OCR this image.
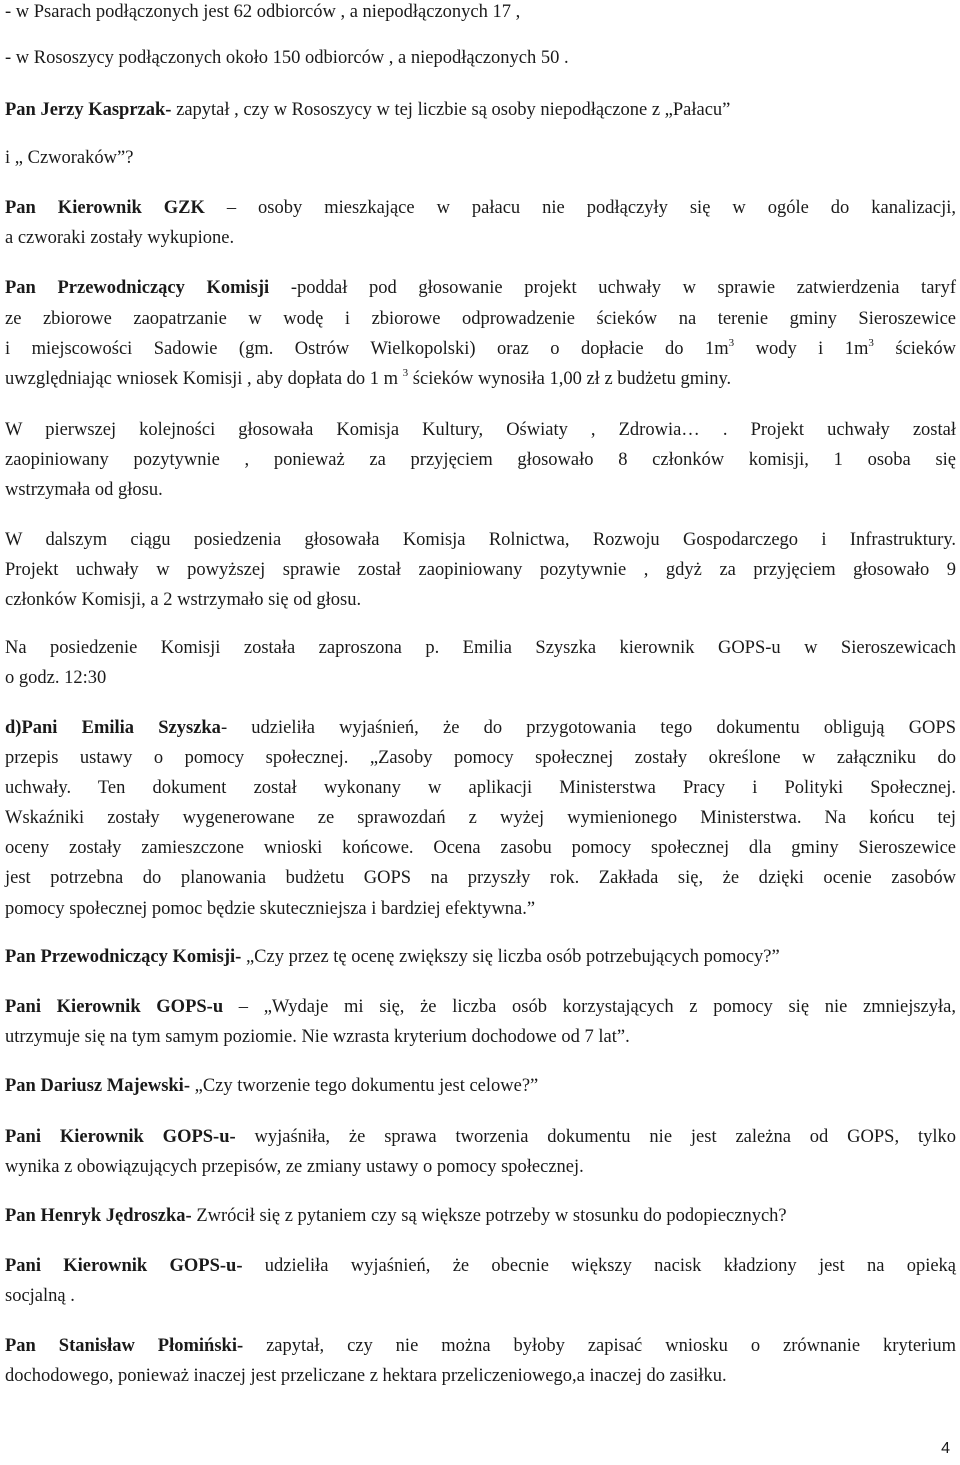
- w Psarach podłączonych jest 62 odbiorców , a niepodłączonych 17 ,

- w Rososzycy podłączonych około 150 odbiorców , a niepodłączonych 50 .

Pan Jerzy Kasprzak- zapytał , czy w Rososzycy w tej liczbie są osoby niepodłączone z „Pałacu”

i „ Czworaków”?

Pan Kierownik GZK – osoby mieszkające w pałacu nie podłączyły się w ogóle do kanalizacji,

a czworaki zostały wykupione.

Pan Przewodniczący Komisji -poddał pod głosowanie projekt uchwały w sprawie zatwierdzenia taryf

ze zbiorowe zaopatrzanie w wodę i zbiorowe odprowadzenie ścieków na terenie gminy Sieroszewice

i miejscowości Sadowie (gm. Ostrów Wielkopolski) oraz o dopłacie do $1m^3$ wody i $1m^3$ ścieków

uwzględniając wniosek Komisji , aby dopłata do 1 m $^3$ ścieków wynosiła 1,00 zł z budżetu gminy.

W pierwszej kolejności głosowała Komisja Kultury, Oświaty , Zdrowia… . Projekt uchwały został

zaopiniowany pozytywnie , ponieważ za przyjęciem głosowało 8 członków komisji, 1 osoba się

wstrzymała od głosu.

W dalszym ciągu posiedzenia głosowała Komisja Rolnictwa, Rozwoju Gospodarczego i Infrastruktury.

Projekt uchwały w powyższej sprawie został zaopiniowany pozytywnie , gdyż za przyjęciem głosowało 9

członków Komisji, a 2 wstrzymało się od głosu.

Na posiedzenie Komisji została zaproszona p. Emilia Szyszka kierownik GOPS-u w Sieroszewicach

o godz. 12:30

d)Pani Emilia Szyszka- udzieliła wyjaśnień, że do przygotowania tego dokumentu obligują GOPS

przepis ustawy o pomocy społecznej. „Zasoby pomocy społecznej zostały określone w załączniku do

uchwały. Ten dokument został wykonany w aplikacji Ministerstwa Pracy i Polityki Społecznej.

Wskaźniki zostały wygenerowane ze sprawozdań z wyżej wymienionego Ministerstwa. Na końcu tej

oceny zostały zamieszczone wnioski końcowe. Ocena zasobu pomocy społecznej dla gminy Sieroszewice

jest potrzebna do planowania budżetu GOPS na przyszły rok. Zakłada się, że dzięki ocenie zasobów

pomocy społecznej pomoc będzie skuteczniejsza i bardziej efektywna.”

Pan Przewodniczący Komisji- „Czy przez tę ocenę zwiększy się liczba osób potrzebujących pomocy?”

Pani Kierownik GOPS-u – „Wydaje mi się, że liczba osób korzystających z pomocy się nie zmniejszyła,

utrzymuje się na tym samym poziomie. Nie wzrasta kryterium dochodowe od 7 lat”.

Pan Dariusz Majewski- „Czy tworzenie tego dokumentu jest celowe?”

Pani Kierownik GOPS-u- wyjaśniła, że sprawa tworzenia dokumentu nie jest zależna od GOPS, tylko

wynika z obowiązujących przepisów, ze zmiany ustawy o pomocy społecznej.

Pan Henryk Jędroszka- Zwrócił się z pytaniem czy są większe potrzeby w stosunku do podopiecznych?

Pani Kierownik GOPS-u- udzieliła wyjaśnień, że obecnie większy nacisk kładziony jest na opieką

socjalną .

Pan Stanisław Płomiński- zapytał, czy nie można byłoby zapisać wniosku o zrównanie kryterium

dochodowego, ponieważ inaczej jest przeliczane z hektara przeliczeniowego,a inaczej do zasiłku.

4
